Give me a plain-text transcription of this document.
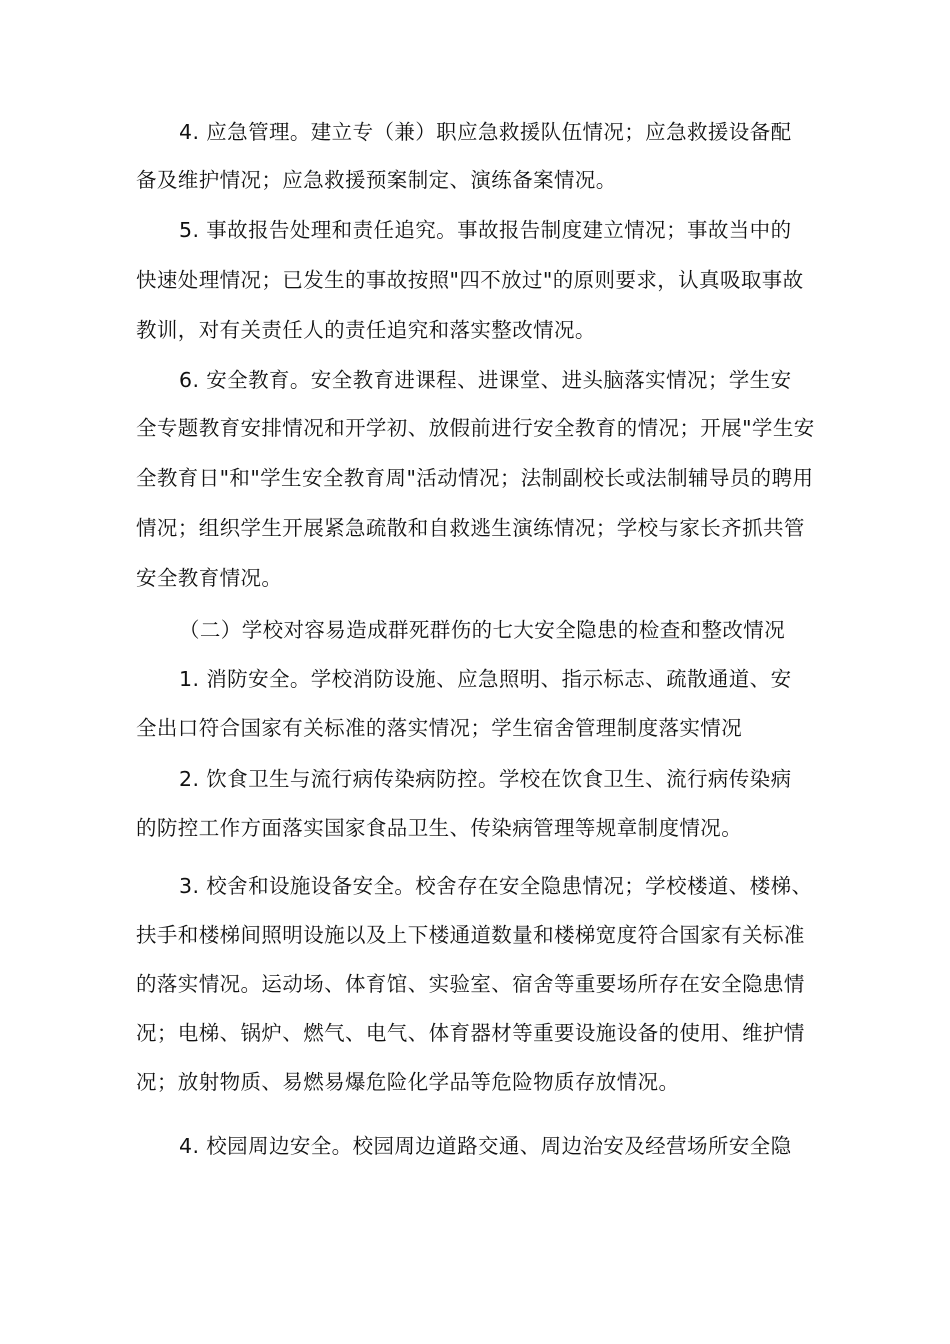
4. 应急管理。建立专（兼）职应急救援队伍情况；应急救援设备配
备及维护情况；应急救援预案制定、演练备案情况。
5. 事故报告处理和责任追究。事故报告制度建立情况；事故当中的
快速处理情况；已发生的事故按照"四不放过"的原则要求，认真吸取事故
教训，对有关责任人的责任追究和落实整改情况。
6. 安全教育。安全教育进课程、进课堂、进头脑落实情况；学生安
全专题教育安排情况和开学初、放假前进行安全教育的情况；开展"学生安
全教育日"和"学生安全教育周"活动情况；法制副校长或法制辅导员的聘用
情况；组织学生开展紧急疏散和自救逃生演练情况；学校与家长齐抓共管
安全教育情况。
（二）学校对容易造成群死群伤的七大安全隐患的检查和整改情况
1. 消防安全。学校消防设施、应急照明、指示标志、疏散通道、安
全出口符合国家有关标准的落实情况；学生宿舍管理制度落实情况
2. 饮食卫生与流行病传染病防控。学校在饮食卫生、流行病传染病
的防控工作方面落实国家食品卫生、传染病管理等规章制度情况。
3. 校舍和设施设备安全。校舍存在安全隐患情况；学校楼道、楼梯、
扶手和楼梯间照明设施以及上下楼通道数量和楼梯宽度符合国家有关标准
的落实情况。运动场、体育馆、实验室、宿舍等重要场所存在安全隐患情
况；电梯、锅炉、燃气、电气、体育器材等重要设施设备的使用、维护情
况；放射物质、易燃易爆危险化学品等危险物质存放情况。
4. 校园周边安全。校园周边道路交通、周边治安及经营场所安全隐
